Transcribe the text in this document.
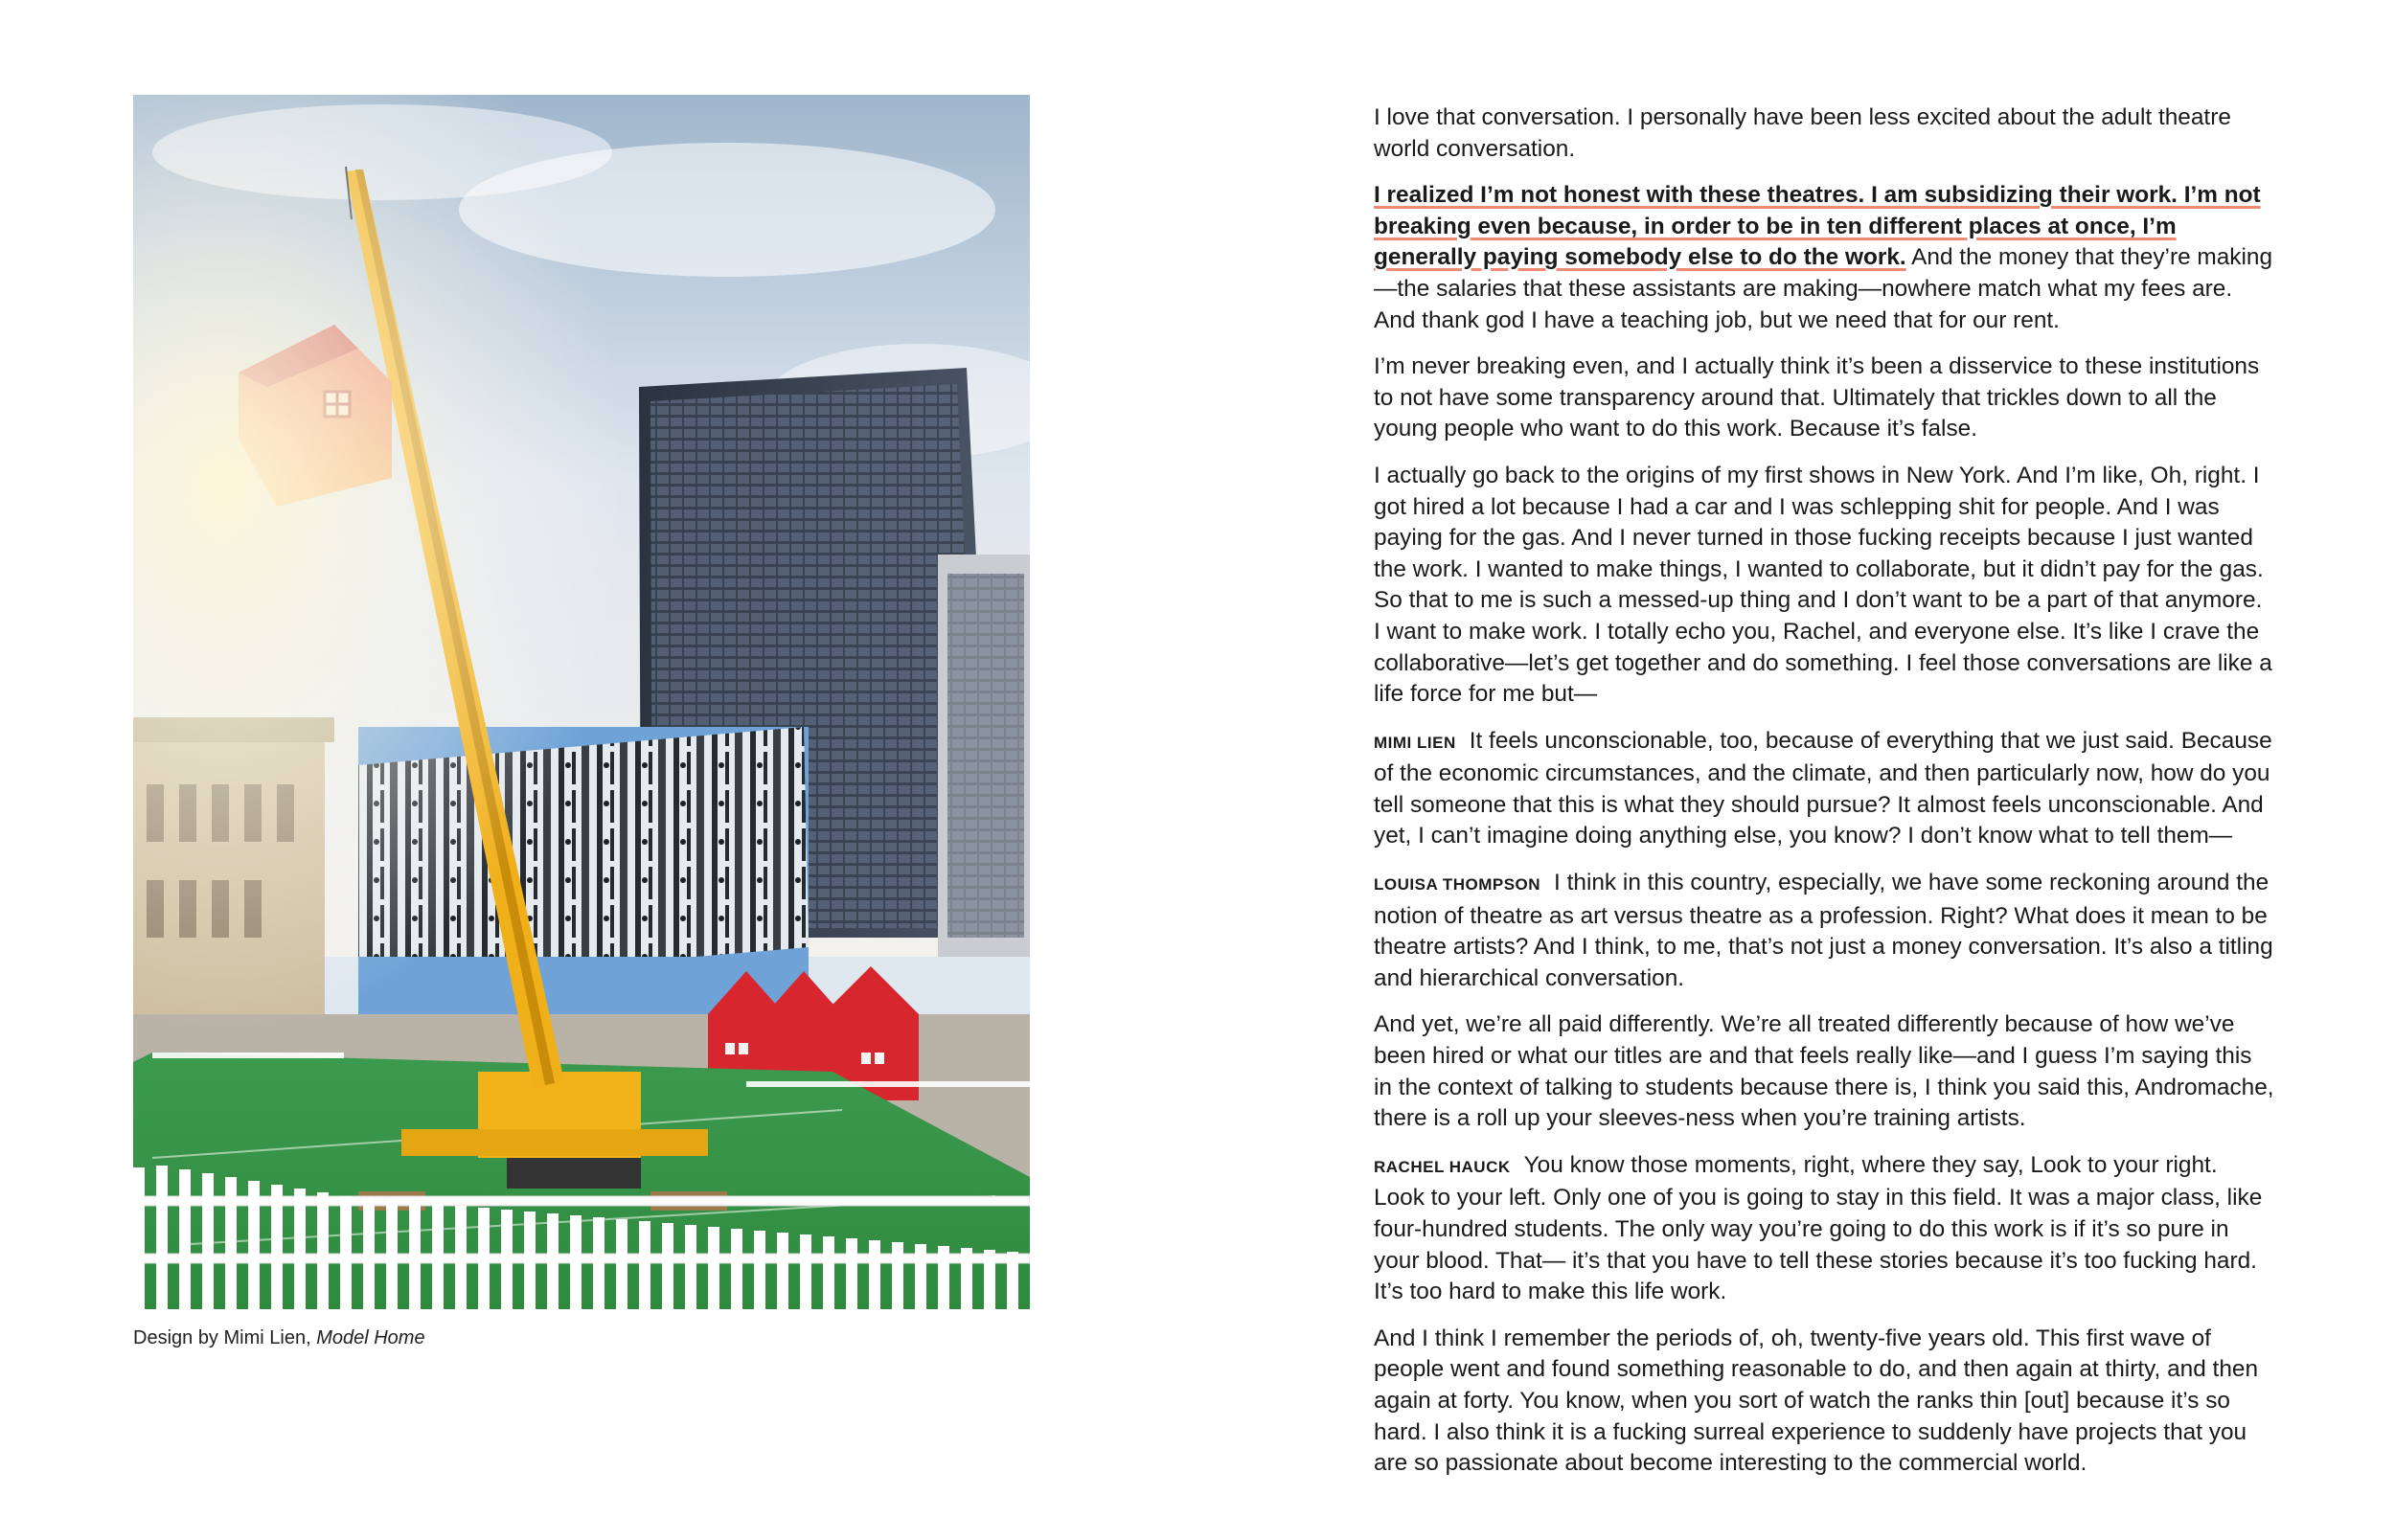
Design by Mimi Lien, Model Home

I love that conversation. I personally have been less excited about the adult theatre world conversation.

I realized I’m not honest with these theatres. I am subsidizing their work. I’m not breaking even because, in order to be in ten different places at once, I’m generally paying somebody else to do the work. And the money that they’re making—the salaries that these assistants are making—nowhere match what my fees are. And thank god I have a teaching job, but we need that for our rent.

I’m never breaking even, and I actually think it’s been a disservice to these institutions to not have some transparency around that. Ultimately that trickles down to all the young people who want to do this work. Because it’s false.

I actually go back to the origins of my first shows in New York. And I’m like, Oh, right. I got hired a lot because I had a car and I was schlepping shit for people. And I was paying for the gas. And I never turned in those fucking receipts because I just wanted the work. I wanted to make things, I wanted to collaborate, but it didn’t pay for the gas. So that to me is such a messed-up thing and I don’t want to be a part of that anymore. I want to make work. I totally echo you, Rachel, and everyone else. It’s like I crave the collaborative—let’s get together and do something. I feel those conversations are like a life force for me but—

MIMI LIEN It feels unconscionable, too, because of everything that we just said. Because of the economic circumstances, and the climate, and then particularly now, how do you tell someone that this is what they should pursue? It almost feels unconscionable. And yet, I can’t imagine doing anything else, you know? I don’t know what to tell them—

LOUISA THOMPSON I think in this country, especially, we have some reckoning around the notion of theatre as art versus theatre as a profession. Right? What does it mean to be theatre artists? And I think, to me, that’s not just a money conversation. It’s also a titling and hierarchical conversation.

And yet, we’re all paid differently. We’re all treated differently because of how we’ve been hired or what our titles are and that feels really like—and I guess I’m saying this in the context of talking to students because there is, I think you said this, Andromache, there is a roll up your sleeves-ness when you’re training artists.

RACHEL HAUCK You know those moments, right, where they say, Look to your right. Look to your left. Only one of you is going to stay in this field. It was a major class, like four-hundred students. The only way you’re going to do this work is if it’s so pure in your blood. That— it’s that you have to tell these stories because it’s too fucking hard. It’s too hard to make this life work.

And I think I remember the periods of, oh, twenty-five years old. This first wave of people went and found something reasonable to do, and then again at thirty, and then again at forty. You know, when you sort of watch the ranks thin [out] because it’s so hard. I also think it is a fucking surreal experience to suddenly have projects that you are so passionate about become interesting to the commercial world.
